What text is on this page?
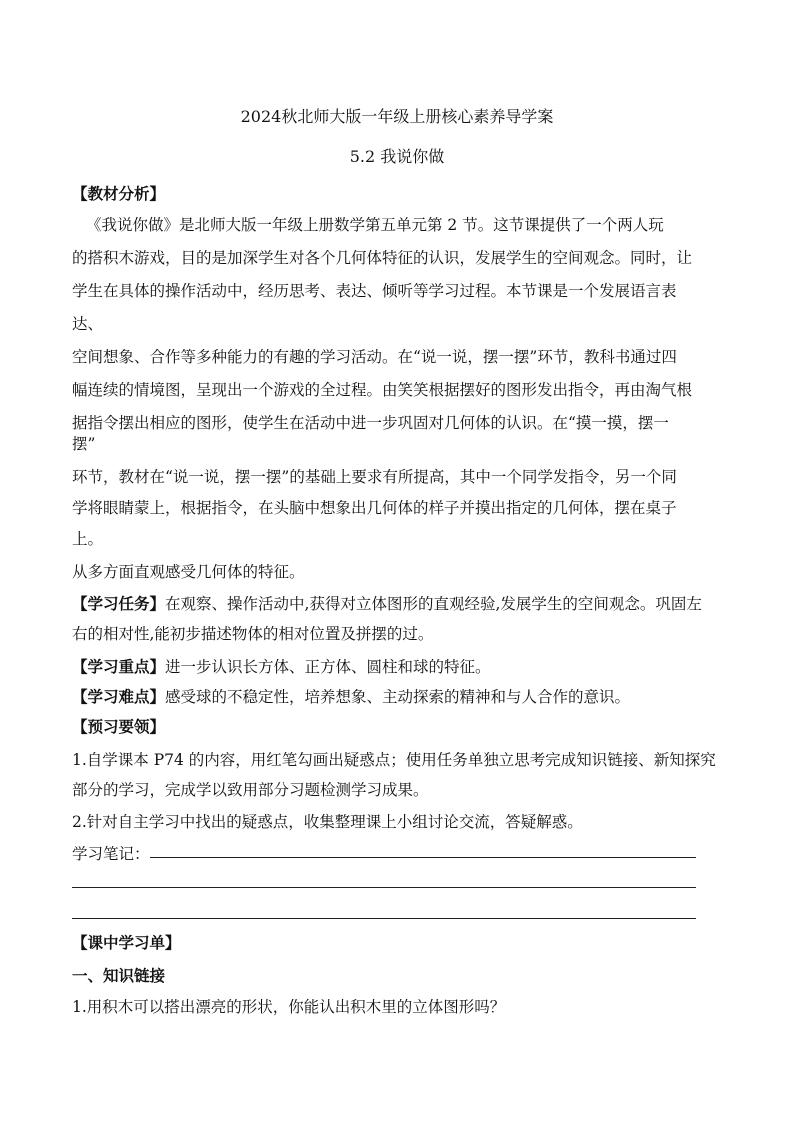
2024秋北师大版一年级上册核心素养导学案
5.2 我说你做
【教材分析】
《我说你做》是北师大版一年级上册数学第五单元第 2 节。这节课提供了一个两人玩
的搭积木游戏，目的是加深学生对各个几何体特征的认识，发展学生的空间观念。同时，让
学生在具体的操作活动中，经历思考、表达、倾听等学习过程。本节课是一个发展语言表
达、
空间想象、合作等多种能力的有趣的学习活动。在“说一说，摆一摆”环节，教科书通过四
幅连续的情境图，呈现出一个游戏的全过程。由笑笑根据摆好的图形发出指令，再由淘气根
据指令摆出相应的图形，使学生在活动中进一步巩固对几何体的认识。在“摸一摸，摆一
摆”
环节，教材在“说一说，摆一摆”的基础上要求有所提高，其中一个同学发指令，另一个同
学将眼睛蒙上，根据指令，在头脑中想象出几何体的样子并摸出指定的几何体，摆在桌子
上。
从多方面直观感受几何体的特征。
【学习任务】在观察、操作活动中,获得对立体图形的直观经验,发展学生的空间观念。巩固左
右的相对性,能初步描述物体的相对位置及拼摆的过。
【学习重点】进一步认识长方体、正方体、圆柱和球的特征。
【学习难点】感受球的不稳定性，培养想象、主动探索的精神和与人合作的意识。
【预习要领】
1.自学课本 P74 的内容，用红笔勾画出疑惑点；使用任务单独立思考完成知识链接、新知探究
部分的学习，完成学以致用部分习题检测学习成果。
2.针对自主学习中找出的疑惑点，收集整理课上小组讨论交流，答疑解惑。
学习笔记：
【课中学习单】
一、知识链接
1.用积木可以搭出漂亮的形状，你能认出积木里的立体图形吗？
